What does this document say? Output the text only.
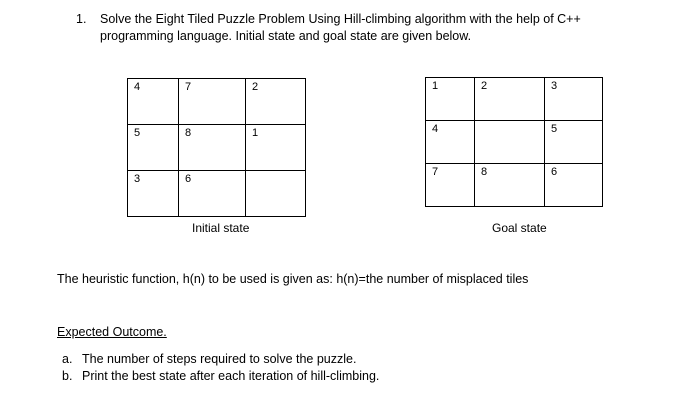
1. Solve the Eight Tiled Puzzle Problem Using Hill-climbing algorithm with the help of C++ programming language. Initial state and goal state are given below.
4	7	2

5	8	1

3	6	

Initial state
1	2	3

4		5

7	8	6
Goal state
The heuristic function, h(n) to be used is given as: h(n)=the number of misplaced tiles
Expected Outcome.
a. The number of steps required to solve the puzzle.
b. Print the best state after each iteration of hill-climbing.
